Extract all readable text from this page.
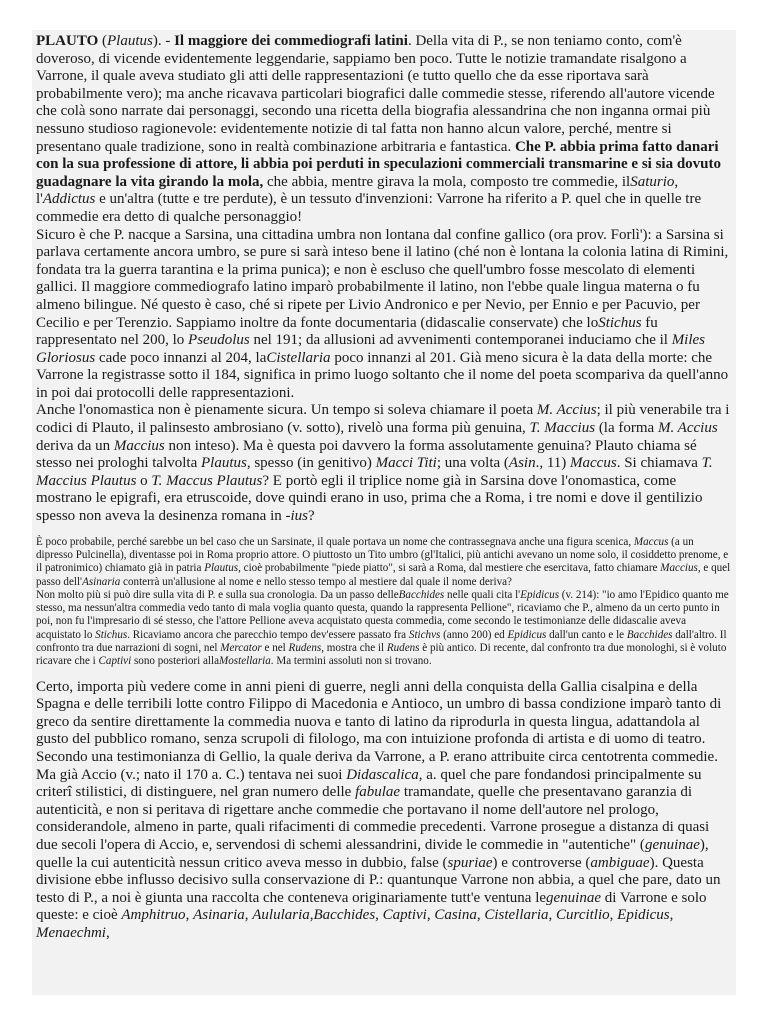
PLAUTO (Plautus). - Il maggiore dei commediografi latini. Della vita di P., se non teniamo conto, com'è doveroso, di vicende evidentemente leggendarie, sappiamo ben poco. Tutte le notizie tramandate risalgono a Varrone, il quale aveva studiato gli atti delle rappresentazioni (e tutto quello che da esse riportava sarà probabilmente vero); ma anche ricavava particolari biografici dalle commedie stesse, riferendo all'autore vicende che colà sono narrate dai personaggi, secondo una ricetta della biografia alessandrina che non inganna ormai più nessuno studioso ragionevole: evidentemente notizie di tal fatta non hanno alcun valore, perché, mentre si presentano quale tradizione, sono in realtà combinazione arbitraria e fantastica. Che P. abbia prima fatto danari con la sua professione di attore, li abbia poi perduti in speculazioni commerciali transmarine e si sia dovuto guadagnare la vita girando la mola, che abbia, mentre girava la mola, composto tre commedie, ilSaturio, l'Addictus e un'altra (tutte e tre perdute), è un tessuto d'invenzioni: Varrone ha riferito a P. quel che in quelle tre commedie era detto di qualche personaggio!

Sicuro è che P. nacque a Sarsina, una cittadina umbra non lontana dal confine gallico (ora prov. Forlì'): a Sarsina si parlava certamente ancora umbro, se pure si sarà inteso bene il latino (ché non è lontana la colonia latina di Rimini, fondata tra la guerra tarantina e la prima punica); e non è escluso che quell'umbro fosse mescolato di elementi gallici. Il maggiore commediografo latino imparò probabilmente il latino, non l'ebbe quale lingua materna o fu almeno bilingue. Né questo è caso, ché si ripete per Livio Andronico e per Nevio, per Ennio e per Pacuvio, per Cecilio e per Terenzio. Sappiamo inoltre da fonte documentaria (didascalie conservate) che loStichus fu rappresentato nel 200, lo Pseudolus nel 191; da allusioni ad avvenimenti contemporanei induciamo che il Miles Gloriosus cade poco innanzi al 204, laCistellaria poco innanzi al 201. Già meno sicura è la data della morte: che Varrone la registrasse sotto il 184, significa in primo luogo soltanto che il nome del poeta scompariva da quell'anno in poi dai protocolli delle rappresentazioni.

Anche l'onomastica non è pienamente sicura. Un tempo si soleva chiamare il poeta M. Accius; il più venerabile tra i codici di Plauto, il palinsesto ambrosiano (v. sotto), rivelò una forma più genuina, T. Maccius (la forma M. Accius deriva da un Maccius non inteso). Ma è questa poi davvero la forma assolutamente genuina? Plauto chiama sé stesso nei prologhi talvolta Plautus, spesso (in genitivo) Macci Titi; una volta (Asin., 11) Maccus. Si chiamava T. Maccius Plautus o T. Maccus Plautus? E portò egli il triplice nome già in Sarsina dove l'onomastica, come mostrano le epigrafi, era etruscoide, dove quindi erano in uso, prima che a Roma, i tre nomi e dove il gentilizio spesso non aveva la desinenza romana in -ius?

È poco probabile, perché sarebbe un bel caso che un Sarsinate, il quale portava un nome che contrassegnava anche una figura scenica, Maccus (a un dipresso Pulcinella), diventasse poi in Roma proprio attore. O piuttosto un Tito umbro (gl'Italici, più antichi avevano un nome solo, il cosiddetto prenome, e il patronimico) chiamato già in patria Plautus, cioè probabilmente "piede piatto", si sarà a Roma, dal mestiere che esercitava, fatto chiamare Maccius, e quel passo dell'Asinaria conterrà un'allusione al nome e nello stesso tempo al mestiere dal quale il nome deriva?

Non molto più si può dire sulla vita di P. e sulla sua cronologia. Da un passo delleBacchides nelle quali cita l'Epidicus (v. 214): "io amo l'Epidico quanto me stesso, ma nessun'altra commedia vedo tanto di mala voglia quanto questa, quando la rappresenta Pellione", ricaviamo che P., almeno da un certo punto in poi, non fu l'impresario di sé stesso, che l'attore Pellione aveva acquistato questa commedia, come secondo le testimonianze delle didascalie aveva acquistato lo Stichus. Ricaviamo ancora che parecchio tempo dev'essere passato fra Stichvs (anno 200) ed Epidicus dall'un canto e le Bacchides dall'altro. Il confronto tra due narrazioni di sogni, nel Mercator e nel Rudens, mostra che il Rudens è più antico. Di recente, dal confronto tra due monologhi, si è voluto ricavare che i Captivi sono posteriori allaMostellaria. Ma termini assoluti non si trovano.

Certo, importa più vedere come in anni pieni di guerre, negli anni della conquista della Gallia cisalpina e della Spagna e delle terribili lotte contro Filippo di Macedonia e Antioco, un umbro di bassa condizione imparò tanto di greco da sentire direttamente la commedia nuova e tanto di latino da riprodurla in questa lingua, adattandola al gusto del pubblico romano, senza scrupoli di filologo, ma con intuizione profonda di artista e di uomo di teatro.

Secondo una testimonianza di Gellio, la quale deriva da Varrone, a P. erano attribuite circa centotrenta commedie. Ma già Accio (v.; nato il 170 a. C.) tentava nei suoi Didascalica, a. quel che pare fondandosi principalmente su criterî stilistici, di distinguere, nel gran numero delle fabulae tramandate, quelle che presentavano garanzia di autenticità, e non si peritava di rigettare anche commedie che portavano il nome dell'autore nel prologo, considerandole, almeno in parte, quali rifacimenti di commedie precedenti. Varrone prosegue a distanza di quasi due secoli l'opera di Accio, e, servendosi di schemi alessandrini, divide le commedie in "autentiche" (genuinae), quelle la cui autenticità nessun critico aveva messo in dubbio, false (spuriae) e controverse (ambiguae). Questa divisione ebbe influsso decisivo sulla conservazione di P.: quantunque Varrone non abbia, a quel che pare, dato un testo di P., a noi è giunta una raccolta che conteneva originariamente tutt'e ventuna legenuinae di Varrone e solo queste: e cioè Amphitruo, Asinaria, Aulularia,Bacchides, Captivi, Casina, Cistellaria, Curcitlio, Epidicus, Menaechmi,
